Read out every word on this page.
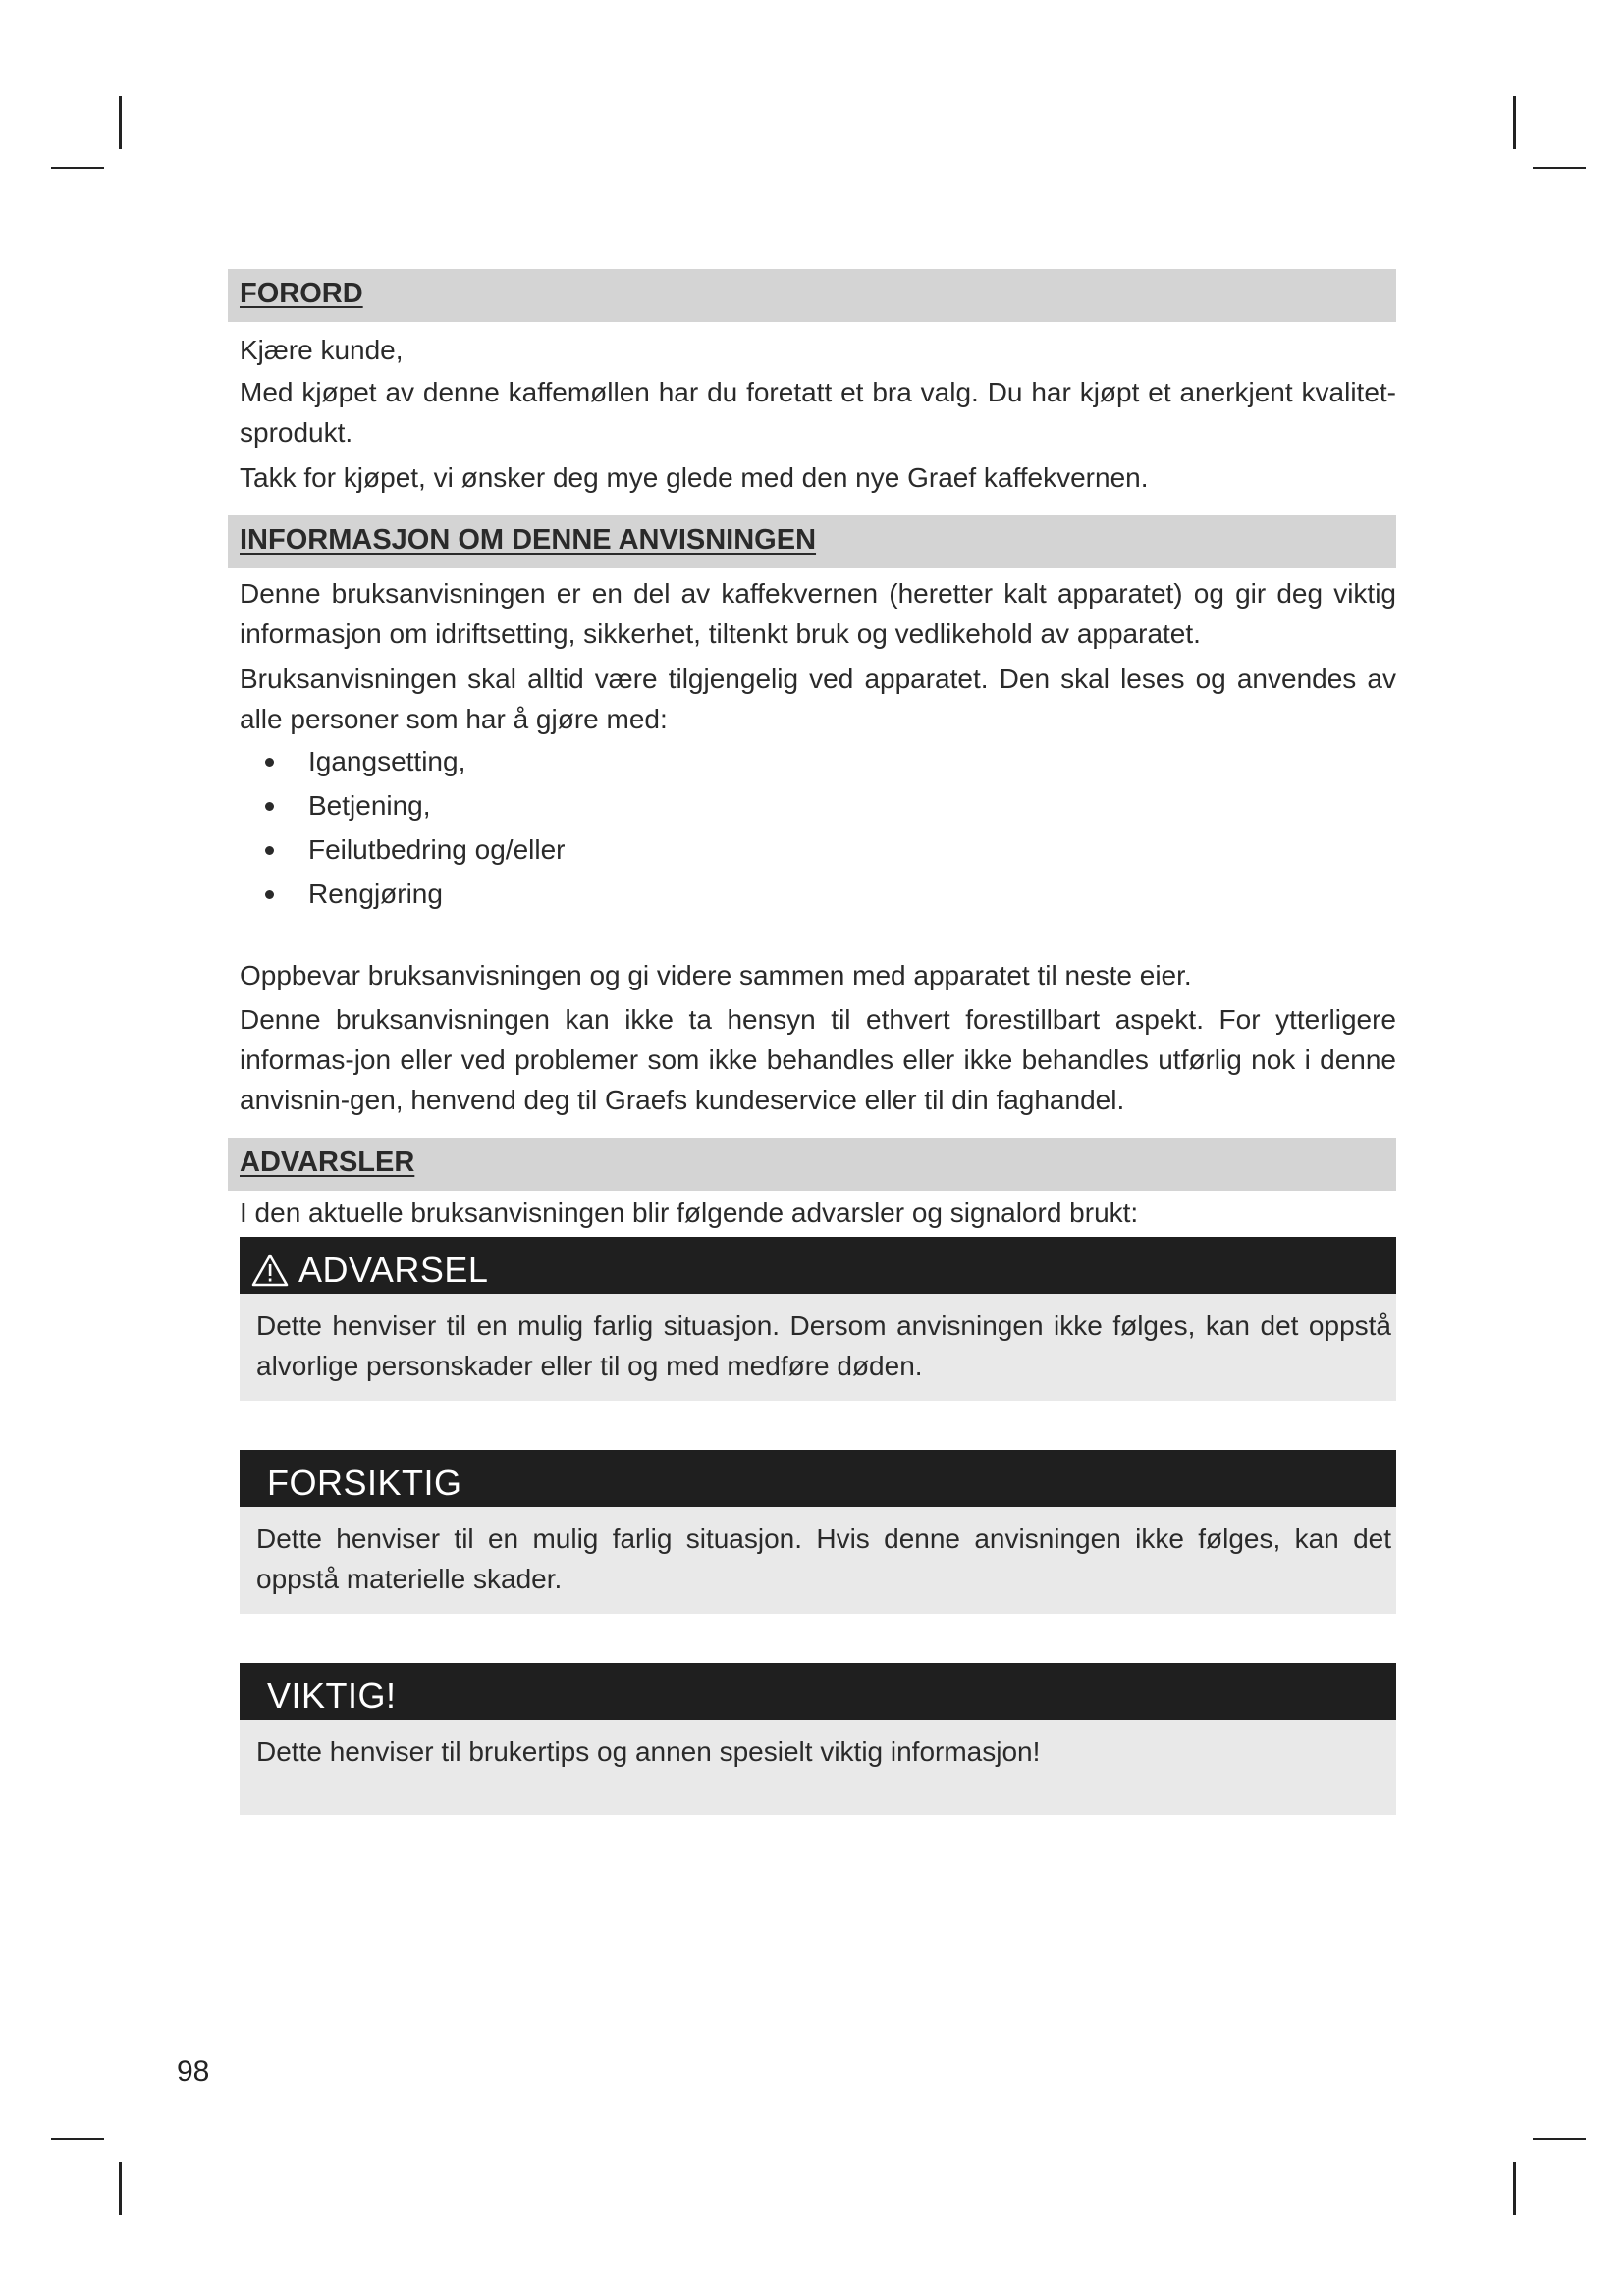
FORORD

Kjære kunde,

Med kjøpet av denne kaffemøllen har du foretatt et bra valg. Du har kjøpt et anerkjent kvalitet-sprodukt.

Takk for kjøpet, vi ønsker deg mye glede med den nye Graef kaffekvernen.

INFORMASJON OM DENNE ANVISNINGEN

Denne bruksanvisningen er en del av kaffekvernen (heretter kalt apparatet) og gir deg viktig informasjon om idriftsetting, sikkerhet, tiltenkt bruk og vedlikehold av apparatet.

Bruksanvisningen skal alltid være tilgjengelig ved apparatet. Den skal leses og anvendes av alle personer som har å gjøre med:

Igangsetting,
Betjening,
Feilutbedring og/eller
Rengjøring

Oppbevar bruksanvisningen og gi videre sammen med apparatet til neste eier.

Denne bruksanvisningen kan ikke ta hensyn til ethvert forestillbart aspekt. For ytterligere informas-jon eller ved problemer som ikke behandles eller ikke behandles utførlig nok i denne anvisnin-gen, henvend deg til Graefs kundeservice eller til din faghandel.

ADVARSLER

I den aktuelle bruksanvisningen blir følgende advarsler og signalord brukt:

ADVARSEL
Dette henviser til en mulig farlig situasjon. Dersom anvisningen ikke følges, kan det oppstå alvorlige personskader eller til og med medføre døden.
FORSIKTIG
Dette henviser til en mulig farlig situasjon. Hvis denne anvisningen ikke følges, kan det oppstå materielle skader.
VIKTIG!
Dette henviser til brukertips og annen spesielt viktig informasjon!
98
